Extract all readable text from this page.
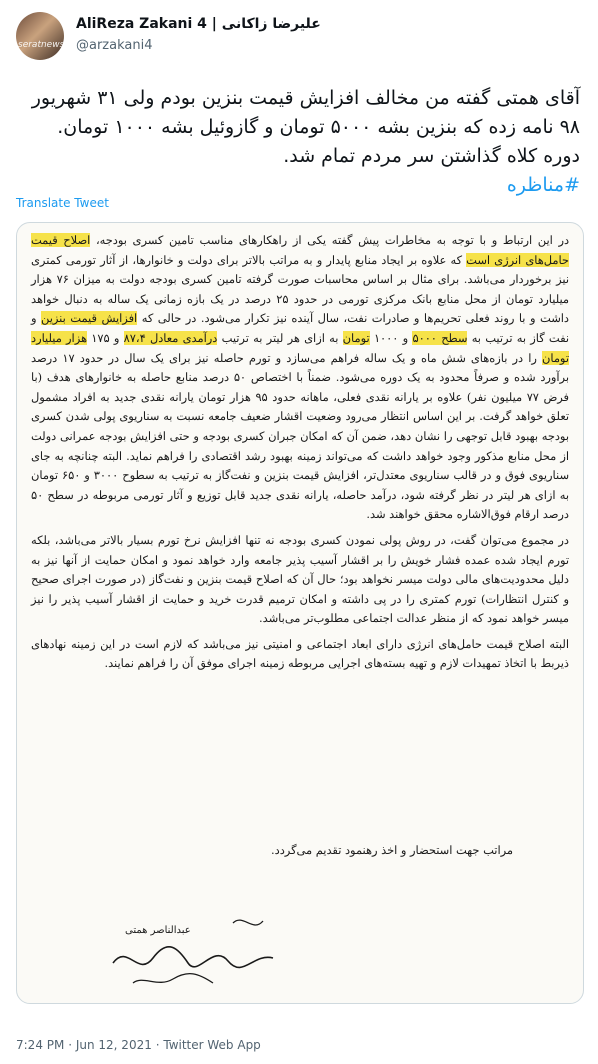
seratnews
AliReza Zakani 4 | علیرضا زاکانی
@arzakani4
آقای همتی گفته من مخالف افزایش قیمت بنزین بودم ولی ۳۱ شهریور ۹۸ نامه زده که بنزین بشه ۵۰۰۰ تومان و گازوئیل بشه ۱۰۰۰ تومان. دوره کلاه گذاشتن سر مردم تمام شد.
#مناظره
Translate Tweet

در این ارتباط و با توجه به مخاطرات پیش گفته یکی از راهکارهای مناسب تامین کسری بودجه، اصلاح قیمت حامل‌های انرژی است که علاوه بر ایجاد منابع پایدار و به مراتب بالاتر برای دولت و خانوارها، از آثار تورمی کمتری نیز برخوردار می‌باشد. برای مثال بر اساس محاسبات صورت گرفته تامین کسری بودجه دولت به میزان ۷۶ هزار میلیارد تومان از محل منابع بانک مرکزی تورمی در حدود ۲۵ درصد در یک بازه زمانی یک ساله به دنبال خواهد داشت و با روند فعلی تحریم‌ها و صادرات نفت، سال آینده نیز تکرار می‌شود. در حالی که افزایش قیمت بنزین و نفت گاز به ترتیب به سطح ۵۰۰۰ و ۱۰۰۰ تومان به ازای هر لیتر به ترتیب درآمدی معادل ۸۷،۴ و ۱۷۵ هزار میلیارد تومان را در بازه‌های شش ماه و یک ساله فراهم می‌سازد و تورم حاصله نیز برای یک سال در حدود ۱۷ درصد برآورد شده و صرفاً محدود به یک دوره می‌شود. ضمناً با اختصاص ۵۰ درصد منابع حاصله به خانوارهای هدف (با فرض ۷۷ میلیون نفر) علاوه بر یارانه نقدی فعلی، ماهانه حدود ۹۵ هزار تومان یارانه نقدی جدید به افراد مشمول تعلق خواهد گرفت. بر این اساس انتظار می‌رود وضعیت اقشار ضعیف جامعه نسبت به سناریوی پولی شدن کسری بودجه بهبود قابل توجهی را نشان دهد، ضمن آن که امکان جبران کسری بودجه و حتی افزایش بودجه عمرانی دولت از محل منابع مذکور وجود خواهد داشت که می‌تواند زمینه بهبود رشد اقتصادی را فراهم نماید. البته چنانچه به جای سناریوی فوق و در قالب سناریوی معتدل‌تر، افزایش قیمت بنزین و نفت‌گاز به ترتیب به سطوح ۳۰۰۰ و ۶۵۰ تومان به ازای هر لیتر در نظر گرفته شود، درآمد حاصله، یارانه نقدی جدید قابل توزیع و آثار تورمی مربوطه در سطح ۵۰ درصد ارقام فوق‌الاشاره محقق خواهند شد.

در مجموع می‌توان گفت، در روش پولی نمودن کسری بودجه نه تنها افزایش نرخ تورم بسیار بالاتر می‌باشد، بلکه تورم ایجاد شده عمده فشار خویش را بر اقشار آسیب پذیر جامعه وارد خواهد نمود و امکان حمایت از آنها نیز به دلیل محدودیت‌های مالی دولت میسر نخواهد بود؛ حال آن که اصلاح قیمت بنزین و نفت‌گاز (در صورت اجرای صحیح و کنترل انتظارات) تورم کمتری را در پی داشته و امکان ترمیم قدرت خرید و حمایت از اقشار آسیب پذیر را نیز میسر خواهد نمود که از منظر عدالت اجتماعی مطلوب‌تر می‌باشد.

البته اصلاح قیمت حامل‌های انرژی دارای ابعاد اجتماعی و امنیتی نیز می‌باشد که لازم است در این زمینه نهادهای ذیربط با اتخاذ تمهیدات لازم و تهیه بسته‌های اجرایی مربوطه زمینه اجرای موفق آن را فراهم نمایند.

مراتب جهت استحضار و اخذ رهنمود تقدیم می‌گردد.
عبدالناصر همتی
7:24 PM · Jun 12, 2021 · Twitter Web App
